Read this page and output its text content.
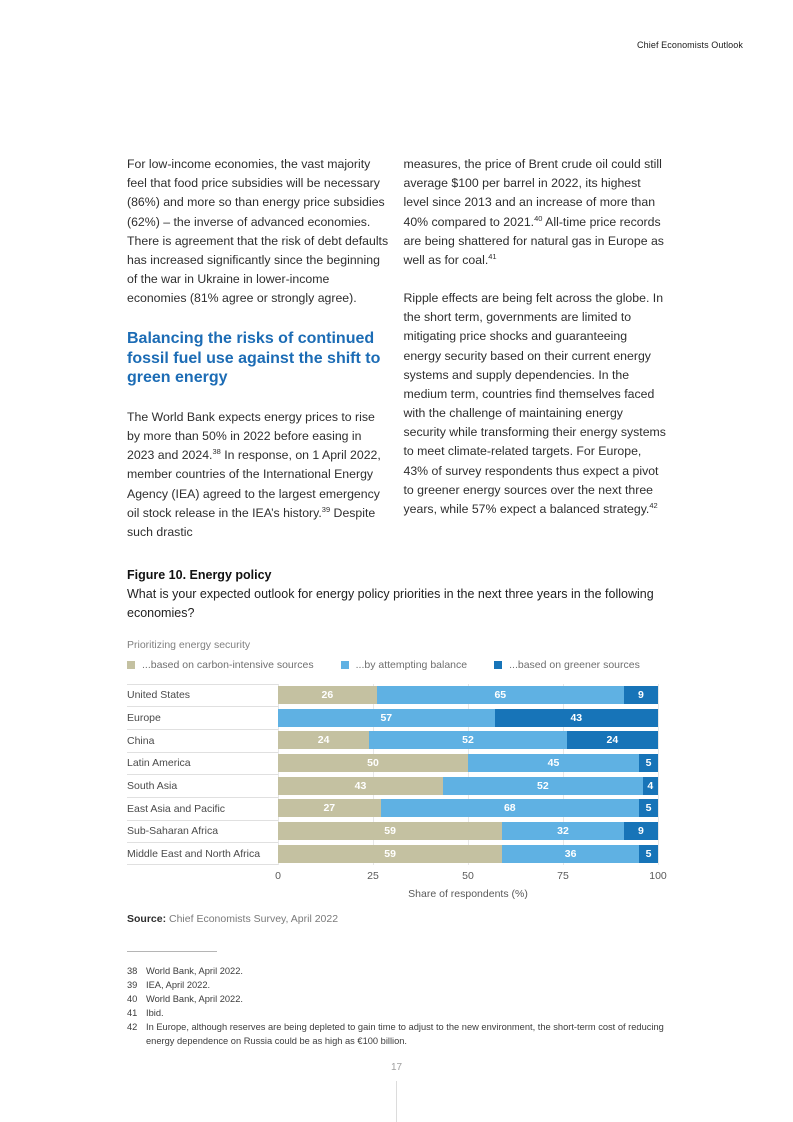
Chief Economists Outlook

For low-income economies, the vast majority feel that food price subsidies will be necessary (86%) and more so than energy price subsidies (62%) – the inverse of advanced economies. There is agreement that the risk of debt defaults has increased significantly since the beginning of the war in Ukraine in lower-income economies (81% agree or strongly agree).

Balancing the risks of continued fossil fuel use against the shift to green energy

The World Bank expects energy prices to rise by more than 50% in 2022 before easing in 2023 and 2024.38 In response, on 1 April 2022, member countries of the International Energy Agency (IEA) agreed to the largest emergency oil stock release in the IEA’s history.$^{39}$ Despite such drastic

measures, the price of Brent crude oil could still average $100 per barrel in 2022, its highest level since 2013 and an increase of more than 40% compared to 2021.40 All-time price records are being shattered for natural gas in Europe as well as for coal.$^{41}$

Ripple effects are being felt across the globe. In the short term, governments are limited to mitigating price shocks and guaranteeing energy security based on their current energy systems and supply dependencies. In the medium term, countries find themselves faced with the challenge of maintaining energy security while transforming their energy systems to meet climate-related targets. For Europe, 43% of survey respondents thus expect a pivot to greener energy sources over the next three years, while 57% expect a balanced strategy.$^{42}$

Figure 10. Energy policy
What is your expected outlook for energy policy priorities in the next three years in the following economies?
Prioritizing energy security
...based on carbon-intensive sources	...by attempting balance	...based on greener sources
United States	26	65	9
Europe	57	43
China	24	52	24
Latin America	50	45	5
South Asia	43	52	4
East Asia and Pacific	27	68	5
Sub-Saharan Africa	59	32	9
Middle East and North Africa	59	36	5
0	25	50	75	100
Share of respondents (%)
Source: Chief Economists Survey, April 2022
38 World Bank, April 2022.
39 IEA, April 2022.
40 World Bank, April 2022.
41 Ibid.
42 In Europe, although reserves are being depleted to gain time to adjust to the new environment, the short-term cost of reducing energy dependence on Russia could be as high as €100 billion.
17
